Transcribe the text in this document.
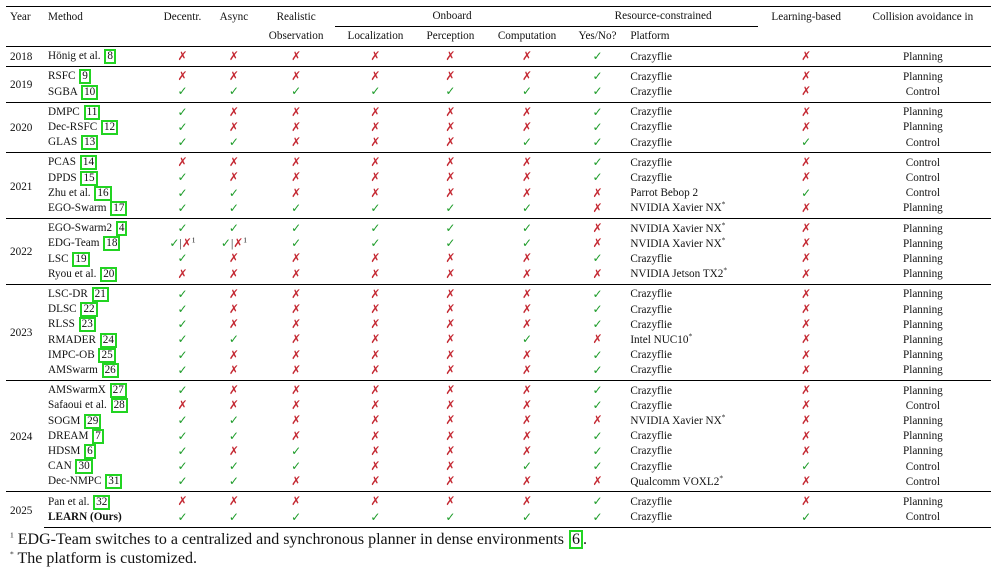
Year	Method	Decentr.	Async	Realistic	Onboard			Resource-constrained		Learning-based	Collision avoidance in
				Observation	Localization	Perception	Computation	Yes/No?	Platform		
2018	Hönig et al. 8	✗	✗	✗	✗	✗	✗	✓	Crazyflie	✗	Planning
2019	RSFC 9	✗	✗	✗	✗	✗	✗	✓	Crazyflie	✗	Planning
	SGBA 10	✓	✓	✓	✓	✓	✓	✓	Crazyflie	✗	Control
2020	DMPC 11	✓	✗	✗	✗	✗	✗	✓	Crazyflie	✗	Planning
	Dec-RSFC 12	✓	✗	✗	✗	✗	✗	✓	Crazyflie	✗	Planning
	GLAS 13	✓	✓	✗	✗	✗	✓	✓	Crazyflie	✓	Control
2021	PCAS 14	✗	✗	✗	✗	✗	✗	✓	Crazyflie	✗	Control
	DPDS 15	✓	✗	✗	✗	✗	✗	✓	Crazyflie	✗	Control
	Zhu et al. 16	✓	✓	✗	✗	✗	✗	✗	Parrot Bebop 2	✓	Control
	EGO-Swarm 17	✓	✓	✓	✓	✓	✓	✗	NVIDIA Xavier NX*	✗	Planning
2022	EGO-Swarm2 4	✓	✓	✓	✓	✓	✓	✗	NVIDIA Xavier NX*	✗	Planning
	EDG-Team 18	✓|✗$^1$	✓|✗$^1$	✓	✓	✓	✓	✗	NVIDIA Xavier NX*	✗	Planning
	LSC 19	✓	✗	✗	✗	✗	✗	✓	Crazyflie	✗	Planning
	Ryou et al. 20	✗	✗	✗	✗	✗	✗	✗	NVIDIA Jetson TX2*	✗	Planning
2023	LSC-DR 21	✓	✗	✗	✗	✗	✗	✓	Crazyflie	✗	Planning
	DLSC 22	✓	✗	✗	✗	✗	✗	✓	Crazyflie	✗	Planning
	RLSS 23	✓	✗	✗	✗	✗	✗	✓	Crazyflie	✗	Planning
	RMADER 24	✓	✓	✗	✗	✗	✓	✗	Intel NUC10*	✗	Planning
	IMPC-OB 25	✓	✗	✗	✗	✗	✗	✓	Crazyflie	✗	Planning
	AMSwarm 26	✓	✗	✗	✗	✗	✗	✓	Crazyflie	✗	Planning
2024	AMSwarmX 27	✓	✗	✗	✗	✗	✗	✓	Crazyflie	✗	Planning
	Safaoui et al. 28	✗	✗	✗	✗	✗	✗	✓	Crazyflie	✗	Control
	SOGM 29	✓	✓	✗	✗	✗	✗	✗	NVIDIA Xavier NX*	✗	Planning
	DREAM 7	✓	✓	✗	✗	✗	✗	✓	Crazyflie	✗	Planning
	HDSM 6	✓	✗	✓	✗	✗	✗	✓	Crazyflie	✗	Planning
	CAN 30	✓	✓	✓	✗	✗	✓	✓	Crazyflie	✓	Control
	Dec-NMPC 31	✓	✓	✗	✗	✗	✗	✗	Qualcomm VOXL2*	✗	Control
2025	Pan et al. 32	✗	✗	✗	✗	✗	✗	✓	Crazyflie	✗	Planning
	LEARN (Ours)	✓	✓	✓	✓	✓	✓	✓	Crazyflie	✓	Control
$^1$ EDG-Team switches to a centralized and synchronous planner in dense environments 6 .
* The platform is customized.
